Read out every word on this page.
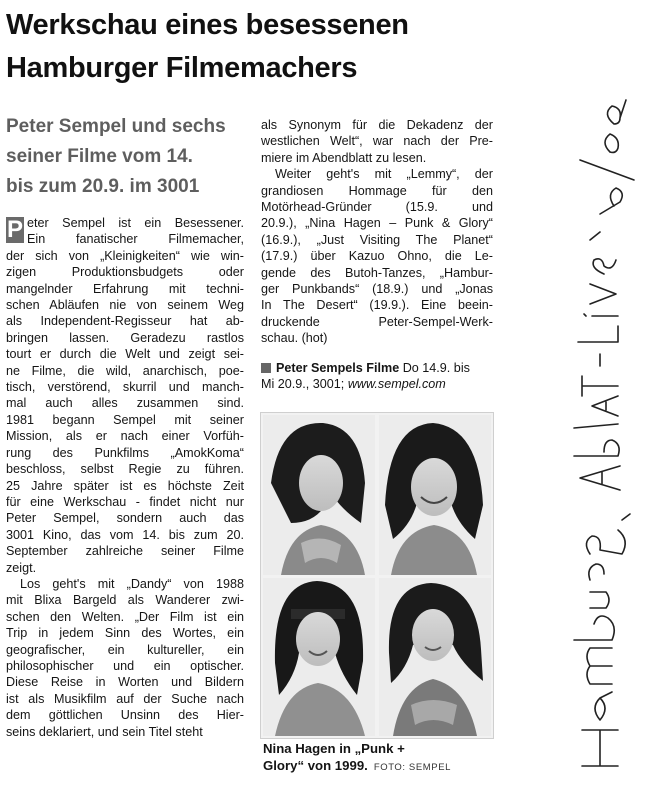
Werkschau eines besessenen
Hamburger Filmemachers
Peter Sempel und sechs
seiner Filme vom 14.
bis zum 20.9. im 3001
P eter Sempel ist ein Besessener.
Ein fanatischer Filmemacher,
der sich von „Kleinigkeiten“ wie win-
zigen Produktionsbudgets oder
mangelnder Erfahrung mit techni-
schen Abläufen nie von seinem Weg
als Independent-Regisseur hat ab-
bringen lassen. Geradezu rastlos
tourt er durch die Welt und zeigt sei-
ne Filme, die wild, anarchisch, poe-
tisch, verstörend, skurril und manch-
mal auch alles zusammen sind.
1981 begann Sempel mit seiner
Mission, als er nach einer Vorfüh-
rung des Punkfilms „AmokKoma“
beschloss, selbst Regie zu führen.
25 Jahre später ist es höchste Zeit
für eine Werkschau - findet nicht nur
Peter Sempel, sondern auch das
3001 Kino, das vom 14. bis zum 20.
September zahlreiche seiner Filme
zeigt.
Los geht's mit „Dandy“ von 1988
mit Blixa Bargeld als Wanderer zwi-
schen den Welten. „Der Film ist ein
Trip in jedem Sinn des Wortes, ein
geografischer, ein kultureller, ein
philosophischer und ein optischer.
Diese Reise in Worten und Bildern
ist als Musikfilm auf der Suche nach
dem göttlichen Unsinn des Hier-
seins deklariert, und sein Titel steht
als Synonym für die Dekadenz der
westlichen Welt“, war nach der Pre-
miere im Abendblatt zu lesen.
Weiter geht's mit „Lemmy“, der
grandiosen Hommage für den
Motörhead-Gründer (15.9. und
20.9.), „Nina Hagen – Punk & Glory“
(16.9.), „Just Visiting The Planet“
(17.9.) über Kazuo Ohno, die Le-
gende des Butoh-Tanzes, „Hambur-
ger Punkbands“ (18.9.) und „Jonas
In The Desert“ (19.9.). Eine beein-
druckende Peter-Sempel-Werk-
schau. (hot)
Peter Sempels Filme Do 14.9. bis
Mi 20.9., 3001; www.sempel.com
Nina Hagen in „Punk +
Glory“ von 1999. FOTO: SEMPEL
